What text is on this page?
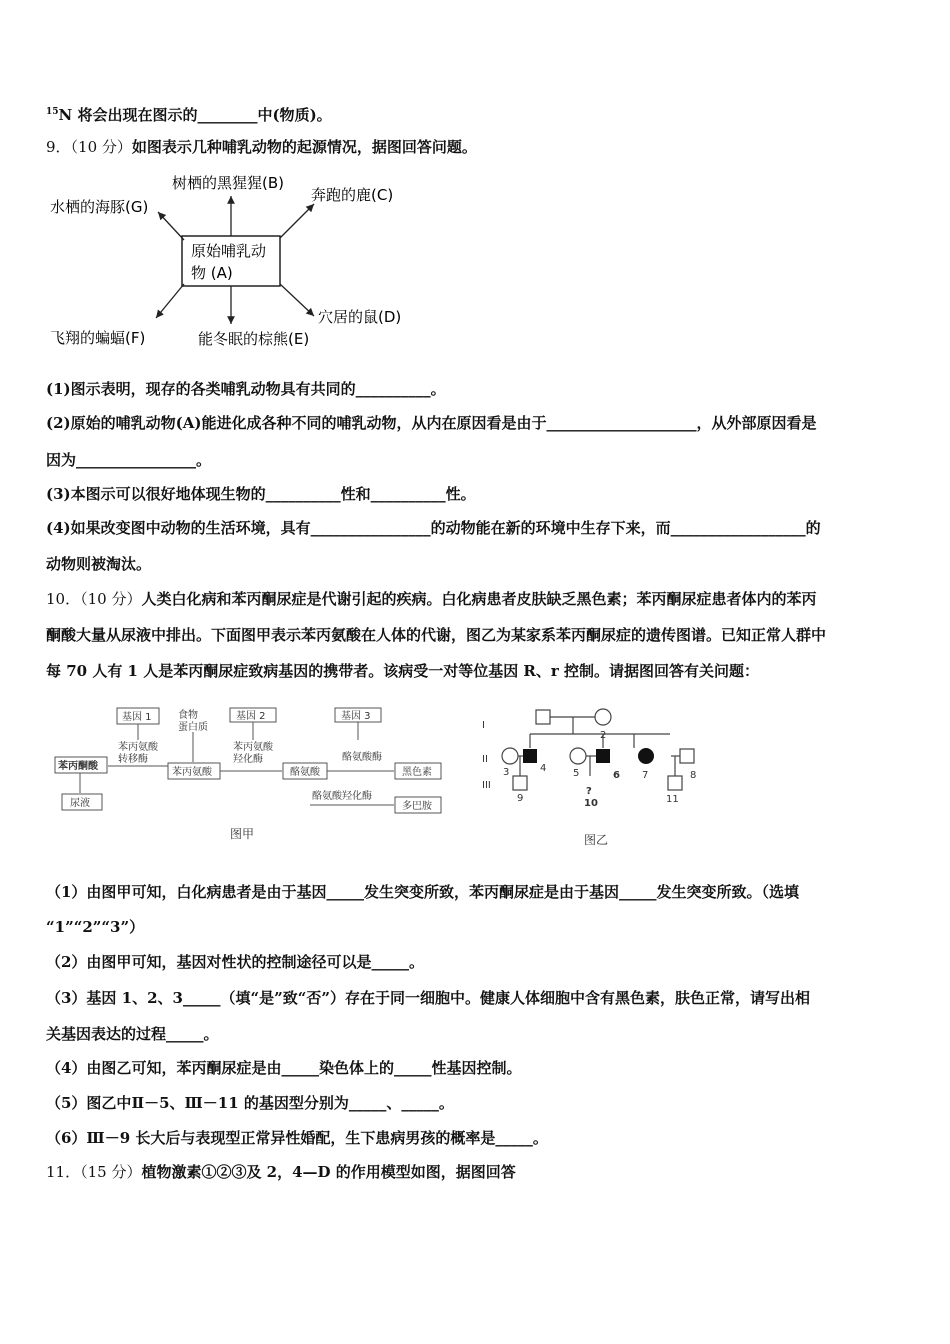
$^{15}$N 将会出现在图示的________中(物质)。
9．（10 分）如图表示几种哺乳动物的起源情况，据图回答问题。
原始哺乳动
物 (A)
树栖的黑猩猩(B)
奔跑的鹿(C)
穴居的鼠(D)
能冬眠的棕熊(E)
飞翔的蝙蝠(F)
水栖的海豚(G)
(1)图示表明，现存的各类哺乳动物具有共同的__________。
(2)原始的哺乳动物(A)能进化成各种不同的哺乳动物，从内在原因看是由于____________________，从外部原因看是
因为________________。
(3)本图示可以很好地体现生物的__________性和__________性。
(4)如果改变图中动物的生活环境，具有________________的动物能在新的环境中生存下来，而__________________的
动物则被淘汰。
10．（10 分）人类白化病和苯丙酮尿症是代谢引起的疾病。白化病患者皮肤缺乏黑色素；苯丙酮尿症患者体内的苯丙
酮酸大量从尿液中排出。下面图甲表示苯丙氨酸在人体的代谢，图乙为某家系苯丙酮尿症的遗传图谱。已知正常人群中
每 70 人有 1 人是苯丙酮尿症致病基因的携带者。该病受一对等位基因 R、r 控制。请据图回答有关问题：
基因 1	食物
蛋白质
基因 2	基因 3
苯丙氨酸
转移酶
苯丙氨酸
羟化酶	酪氨酸酶
酪氨酸羟化酶
苯丙酮酸
尿液
苯丙氨酸	酪氨酸	黑色素
多巴胺
图甲
I
II
III
2
3	4	5	6 7	8
9
?
10	11
图乙
（1）由图甲可知，白化病患者是由于基因_____发生突变所致，苯丙酮尿症是由于基因_____发生突变所致。（选填
“1”“2”“3”）
（2）由图甲可知，基因对性状的控制途径可以是_____。
（3）基因 1、2、3_____（填“是”致“否”）存在于同一细胞中。健康人体细胞中含有黑色素，肤色正常，请写出相
关基因表达的过程_____。
（4）由图乙可知，苯丙酮尿症是由_____染色体上的_____性基因控制。
（5）图乙中Ⅱ－5、Ⅲ－11 的基因型分别为_____、_____。
（6）Ⅲ－9 长大后与表现型正常异性婚配，生下患病男孩的概率是_____。
11．（15 分）植物激素①②③及 2，4—D 的作用模型如图，据图回答
